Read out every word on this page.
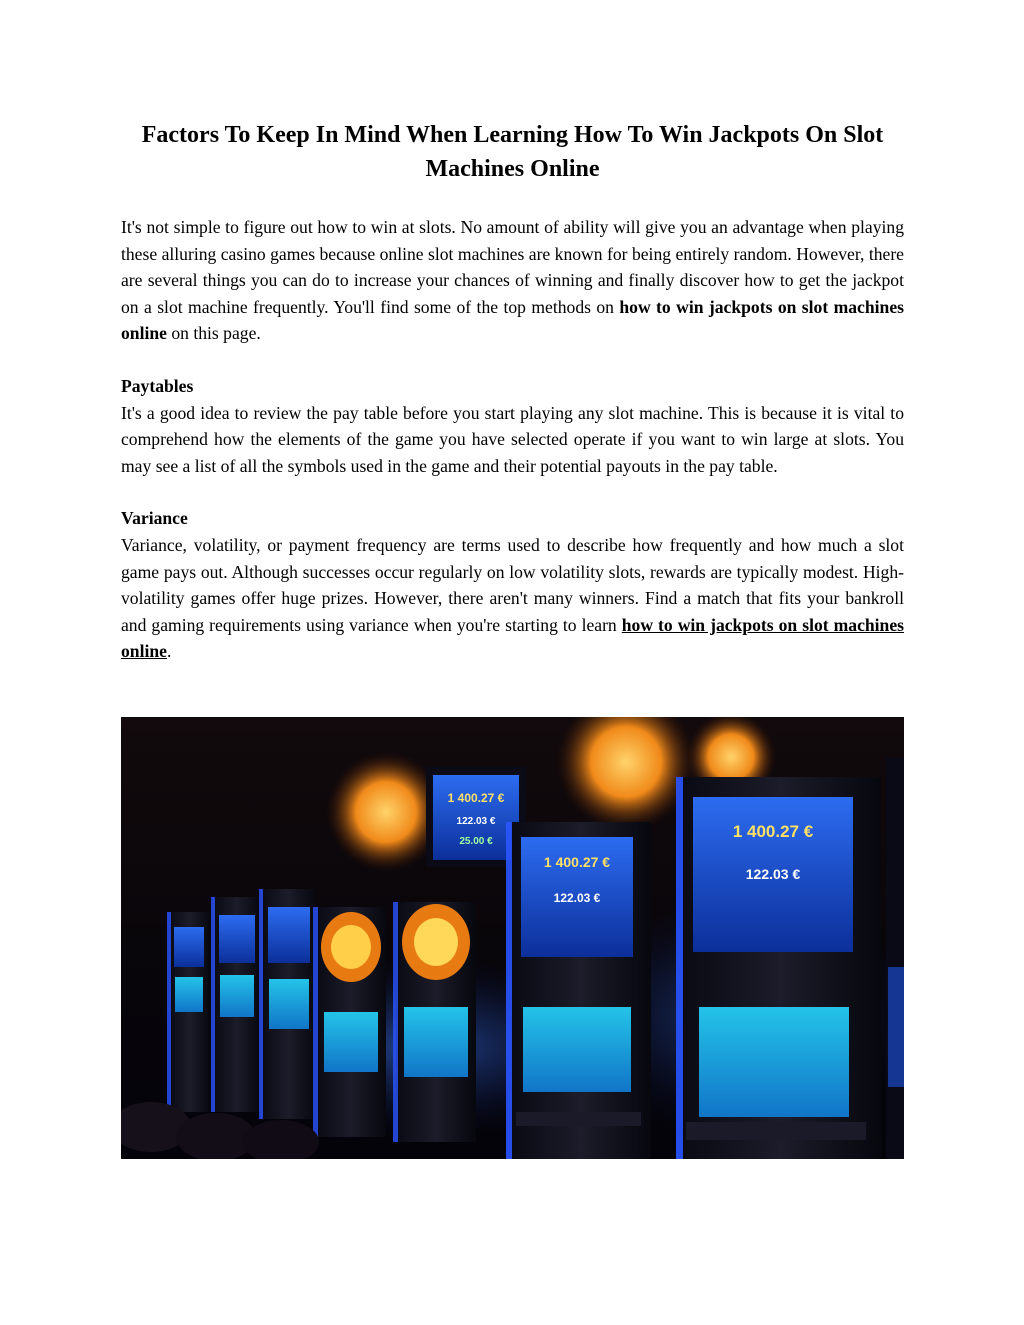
Factors To Keep In Mind When Learning How To Win Jackpots On Slot Machines Online

It's not simple to figure out how to win at slots. No amount of ability will give you an advantage when playing these alluring casino games because online slot machines are known for being entirely random. However, there are several things you can do to increase your chances of winning and finally discover how to get the jackpot on a slot machine frequently. You'll find some of the top methods on how to win jackpots on slot machines online on this page.

Paytables

It's a good idea to review the pay table before you start playing any slot machine. This is because it is vital to comprehend how the elements of the game you have selected operate if you want to win large at slots. You may see a list of all the symbols used in the game and their potential payouts in the pay table.

Variance

Variance, volatility, or payment frequency are terms used to describe how frequently and how much a slot game pays out. Although successes occur regularly on low volatility slots, rewards are typically modest. High-volatility games offer huge prizes. However, there aren't many winners. Find a match that fits your bankroll and gaming requirements using variance when you're starting to learn how to win jackpots on slot machines online.

1 400.27 €
122.03 €
25.00 €
1 400.27 €
122.03 €
1 400.27 €
122.03 €
